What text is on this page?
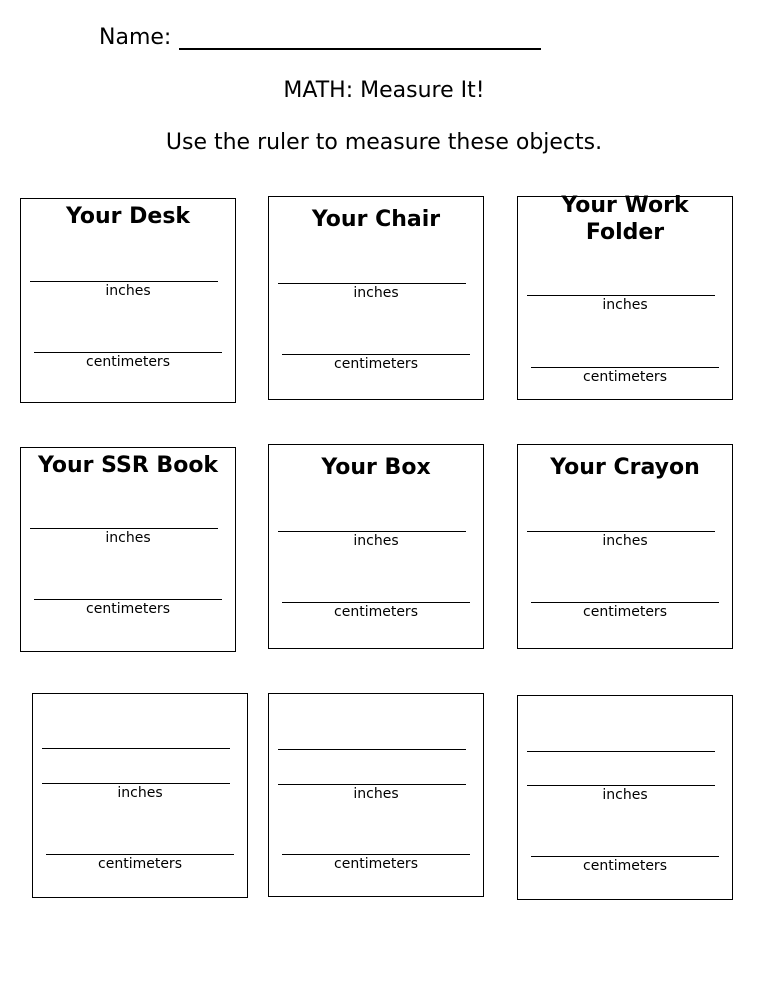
Name:
MATH: Measure It!
Use the ruler to measure these objects.
Your Desk
inches
centimeters
Your Chair
inches
centimeters
Your Work Folder
inches
centimeters
Your SSR Book
inches
centimeters
Your Box
inches
centimeters
Your Crayon
inches
centimeters
inches
centimeters
inches
centimeters
inches
centimeters
